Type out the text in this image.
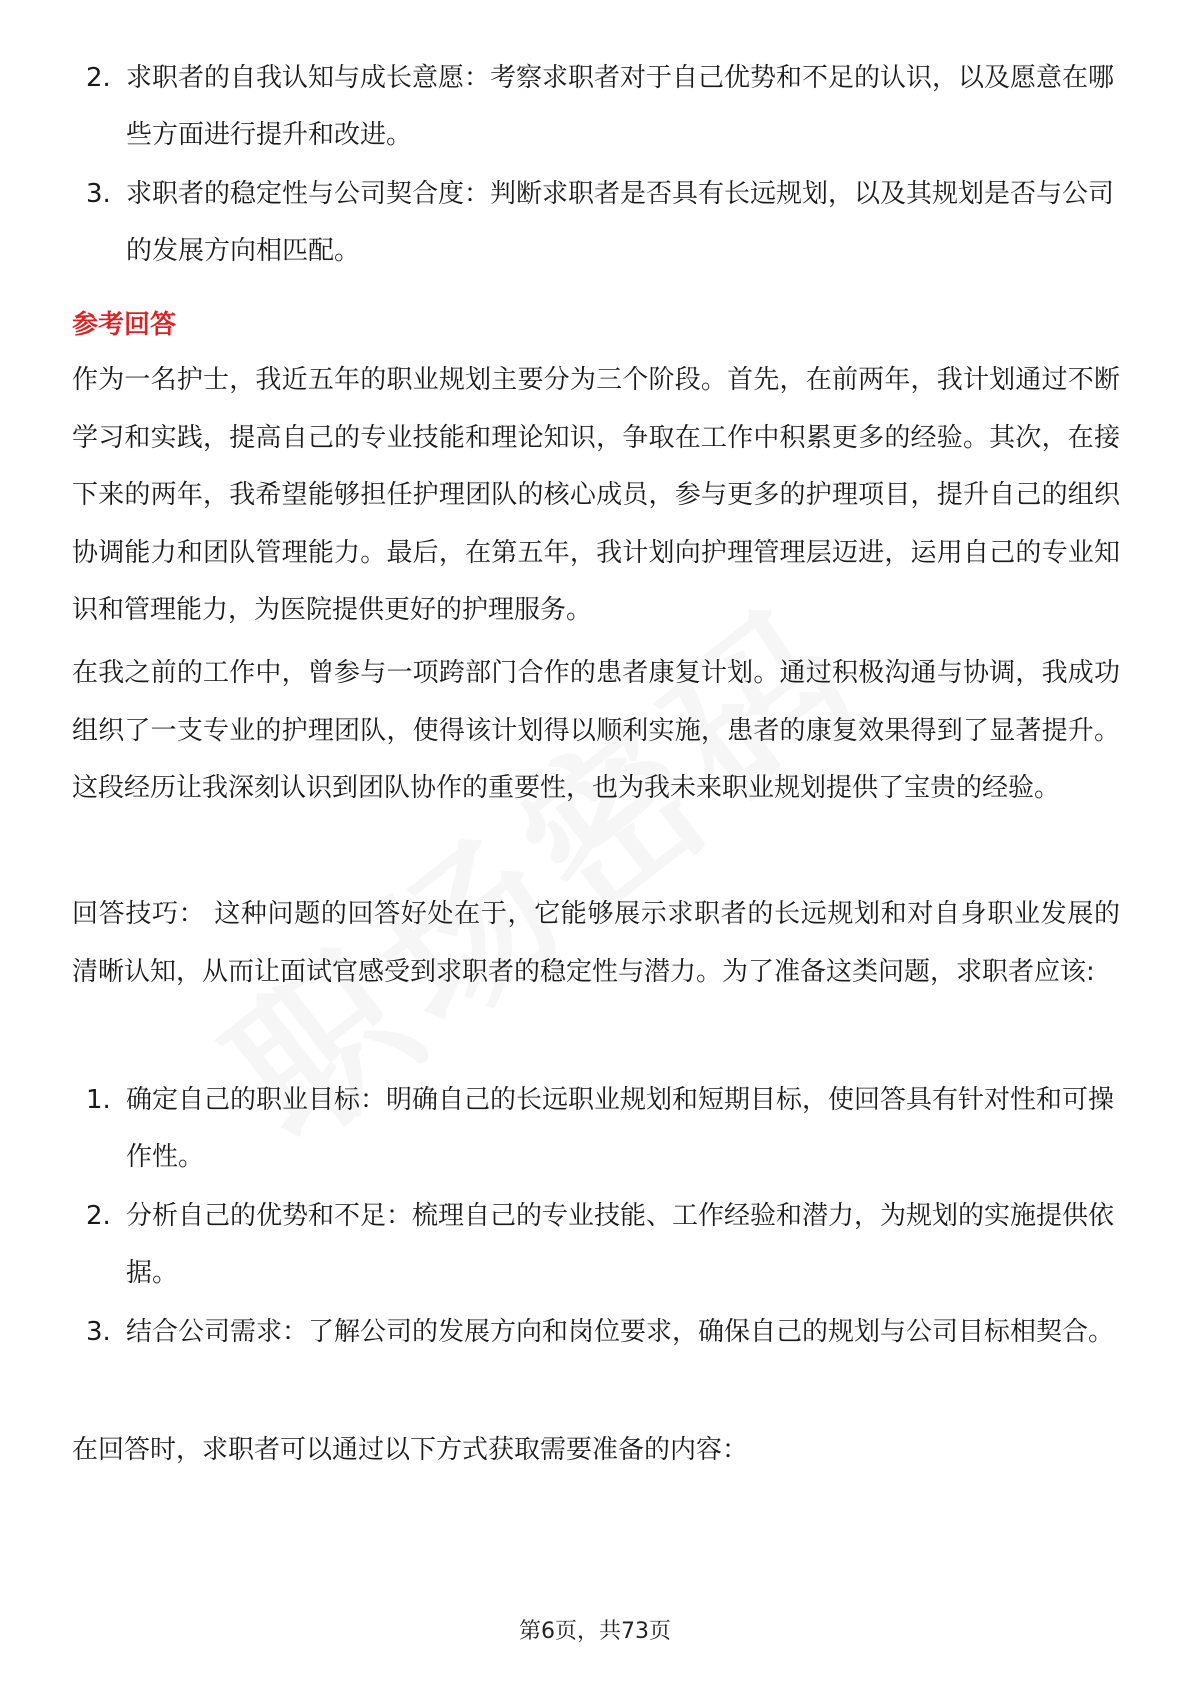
2. 求职者的自我认知与成长意愿：考察求职者对于自己优势和不足的认识，以及愿意在哪些方面进行提升和改进。
3. 求职者的稳定性与公司契合度：判断求职者是否具有长远规划，以及其规划是否与公司的发展方向相匹配。
参考回答

作为一名护士，我近五年的职业规划主要分为三个阶段。首先，在前两年，我计划通过不断学习和实践，提高自己的专业技能和理论知识，争取在工作中积累更多的经验。其次，在接下来的两年，我希望能够担任护理团队的核心成员，参与更多的护理项目，提升自己的组织协调能力和团队管理能力。最后，在第五年，我计划向护理管理层迈进，运用自己的专业知识和管理能力，为医院提供更好的护理服务。

在我之前的工作中，曾参与一项跨部门合作的患者康复计划。通过积极沟通与协调，我成功组织了一支专业的护理团队，使得该计划得以顺利实施，患者的康复效果得到了显著提升。这段经历让我深刻认识到团队协作的重要性，也为我未来职业规划提供了宝贵的经验。

回答技巧： 这种问题的回答好处在于，它能够展示求职者的长远规划和对自身职业发展的清晰认知，从而让面试官感受到求职者的稳定性与潜力。为了准备这类问题，求职者应该:

1. 确定自己的职业目标：明确自己的长远职业规划和短期目标，使回答具有针对性和可操作性。
2. 分析自己的优势和不足：梳理自己的专业技能、工作经验和潜力，为规划的实施提供依据。
3. 结合公司需求：了解公司的发展方向和岗位要求，确保自己的规划与公司目标相契合。

在回答时，求职者可以通过以下方式获取需要准备的内容：

第6页，共73页
